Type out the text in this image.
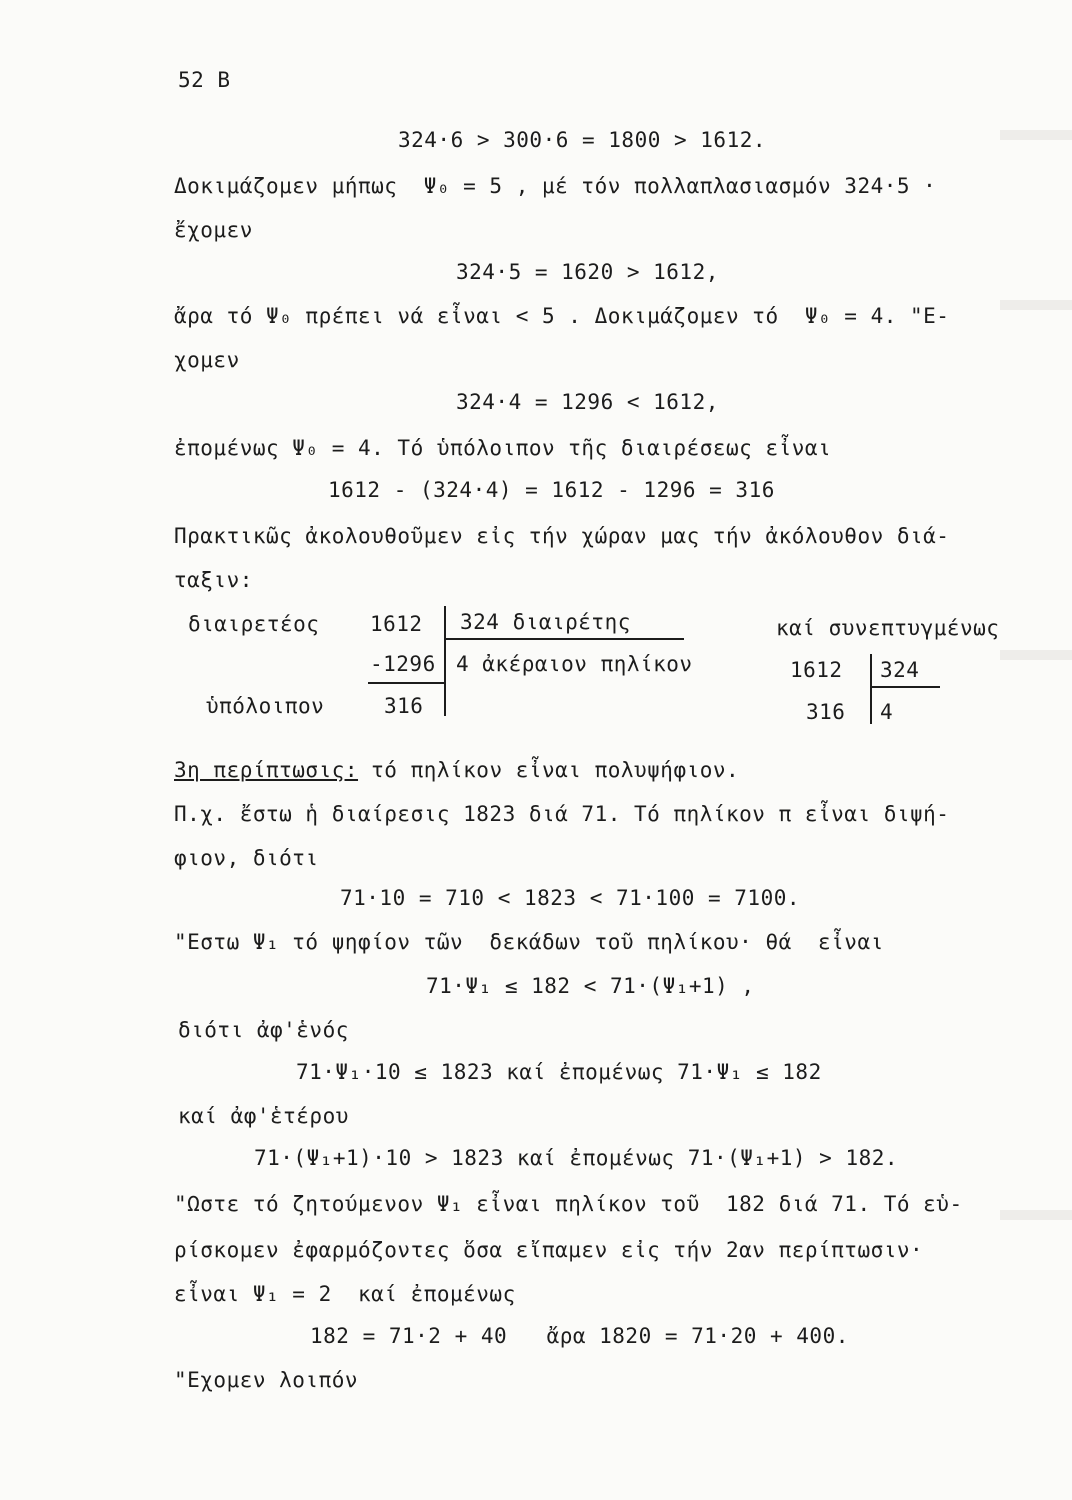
52 B
324·6 > 300·6 = 1800 > 1612.
Δοκιμάζομεν μήπως  Ψ₀ = 5 , μέ τόν πολλαπλασιασμόν 324·5 ·
ἔχομεν
324·5 = 1620 > 1612,
ἄρα τό Ψ₀ πρέπει νά εἶναι < 5 . Δοκιμάζομεν τό  Ψ₀ = 4. "Ε-
χομεν
324·4 = 1296 < 1612,
ἐπομένως Ψ₀ = 4. Τό ὑπόλοιπον τῆς διαιρέσεως εἶναι
1612 - (324·4) = 1612 - 1296 = 316
Πρακτικῶς ἀκολουθοῦμεν εἰς τήν χώραν μας τήν ἀκόλουθον διά-
ταξιν:
διαιρετέος 1612 324 διαιρέτης
-1296 4 ἀκέραιον πηλίκον
ὑπόλοιπον	316
καί συνεπτυγμένως
1612 324
316 4
3η περίπτωσις: τό πηλίκον εἶναι πολυψήφιον.
Π.χ. ἔστω ἡ διαίρεσις 1823 διά 71. Τό πηλίκον π εἶναι διψή-
φιον, διότι
71·10 = 710 < 1823 < 71·100 = 7100.
"Εστω Ψ₁ τό ψηφίον τῶν  δεκάδων τοῦ πηλίκου· θά  εἶναι
71·Ψ₁ ≤ 182 < 71·(Ψ₁+1) ,
διότι ἀφ'ἑνός
71·Ψ₁·10 ≤ 1823 καί ἐπομένως 71·Ψ₁ ≤ 182
καί ἀφ'ἑτέρου
71·(Ψ₁+1)·10 > 1823 καί ἐπομένως 71·(Ψ₁+1) > 182.
"Ωστε τό ζητούμενον Ψ₁ εἶναι πηλίκον τοῦ  182 διά 71. Τό εὑ-
ρίσκομεν ἐφαρμόζοντες ὅσα εἴπαμεν εἰς τήν 2αν περίπτωσιν·
εἶναι Ψ₁ = 2  καί ἐπομένως
182 = 71·2 + 40   ἄρα 1820 = 71·20 + 400.
"Εχομεν λοιπόν
